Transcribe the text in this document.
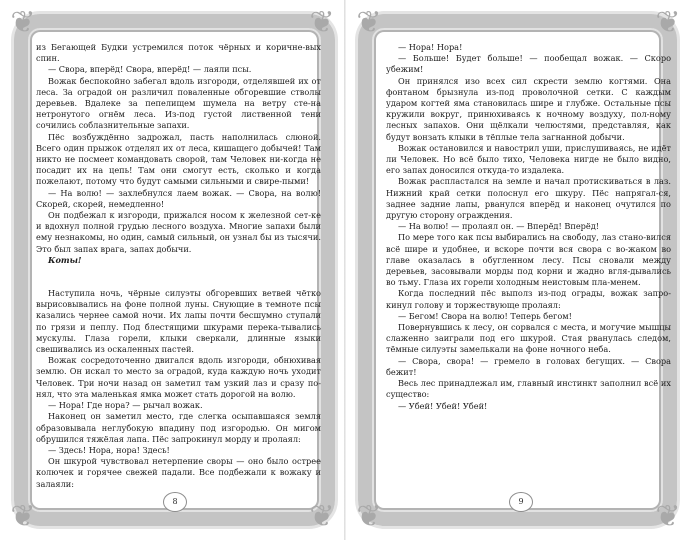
❦	❦
❦	❦

из Бегающей Будки устремился поток чёрных и коричне-вых спин.

— Свора, вперёд! Свора, вперёд! — лаяли псы.

Вожак беспокойно забегал вдоль изгороди, отделявшей их от леса. За оградой он различил поваленные обгоревшие стволы деревьев. Вдалеке за пепелищем шумела на ветру сте-на нетронутого огнём леса. Из-под густой лиственной тени сочились соблазнительные запахи.

Пёс возбуждённо задрожал, пасть наполнилась слюной. Всего один прыжок отделял их от леса, кишащего добычей! Там никто не посмеет командовать сворой, там Человек ни-когда не посадит их на цепь! Там они смогут есть, сколько и когда пожелают, потому что будут самыми сильными и свире-пыми!

— На волю! — захлебнулся лаем вожак. — Свора, на волю! Скорей, скорей, немедленно!

Он подбежал к изгороди, прижался носом к железной сет-ке и вдохнул полной грудью лесного воздуха. Многие запахи были ему незнакомы, но один, самый сильный, он узнал бы из тысячи. Это был запах врага, запах добычи.

Коты!

Наступила ночь, чёрные силуэты обгоревших ветвей чётко вырисовывались на фоне полной луны. Снующие в темноте псы казались чернее самой ночи. Их лапы почти бесшумно ступали по грязи и пеплу. Под блестящими шкурами перека-тывались мускулы. Глаза горели, клыки сверкали, длинные языки свешивались из оскаленных пастей.

Вожак сосредоточенно двигался вдоль изгороди, обнюхивая землю. Он искал то место за оградой, куда каждую ночь уходит Человек. Три ночи назад он заметил там узкий лаз и сразу по-нял, что эта маленькая ямка может стать дорогой на волю.

— Нора! Где нора? — рычал вожак.

Наконец он заметил место, где слегка осыпавшаяся земля образовывала неглубокую впадину под изгородью. Он мигом обрушился тяжёлая лапа. Пёс запрокинул морду и пролаял:

— Здесь! Нора, нора! Здесь!

Он шкурой чувствовал нетерпение своры — оно было острее колючек и горячее свежей падали. Все подбежали к вожаку и залаяли:

8
❦	❦
❦	❦

— Нора! Нора!

— Больше! Будет больше! — пообещал вожак. — Скоро убежим!

Он принялся изо всех сил скрести землю когтями. Она фонтаном брызнула из-под проволочной сетки. С каждым ударом когтей яма становилась шире и глубже. Остальные псы кружили вокруг, принюхиваясь к ночному воздуху, пол-ному лесных запахов. Они щёлкали челюстями, представляя, как будут вонзать клыки в тёплые тела загнанной добычи.

Вожак остановился и навострил уши, прислушиваясь, не идёт ли Человек. Но всё было тихо, Человека нигде не было видно, его запах доносился откуда-то издалека.

Вожак распластался на земле и начал протискиваться в лаз. Нижний край сетки полоснул его шкуру. Пёс напрягал-ся, заднее задние лапы, рванулся вперёд и наконец очутился по другую сторону ограждения.

— На волю! — пролаял он. — Вперёд! Вперёд!

По мере того как псы выбирались на свободу, лаз стано-вился всё шире и удобнее, и вскоре почти вся свора с во-жаком во главе оказалась в обугленном лесу. Псы сновали между деревьев, засовывали морды под корни и жадно вгля-дывались во тьму. Глаза их горели холодным неистовым пла-менем.

Когда последний пёс выполз из-под ограды, вожак запро-кинул голову и торжествующе пролаял:

— Бегом! Свора на волю! Теперь бегом!

Повернувшись к лесу, он сорвался с места, и могучие мышцы слаженно заиграли под его шкурой. Стая рванулась следом, тёмные силуэты замелькали на фоне ночного неба.

— Свора, свора! — гремело в головах бегущих. — Свора бежит!

Весь лес принадлежал им, главный инстинкт заполнил всё их существо:

— Убей! Убей! Убей!

9
